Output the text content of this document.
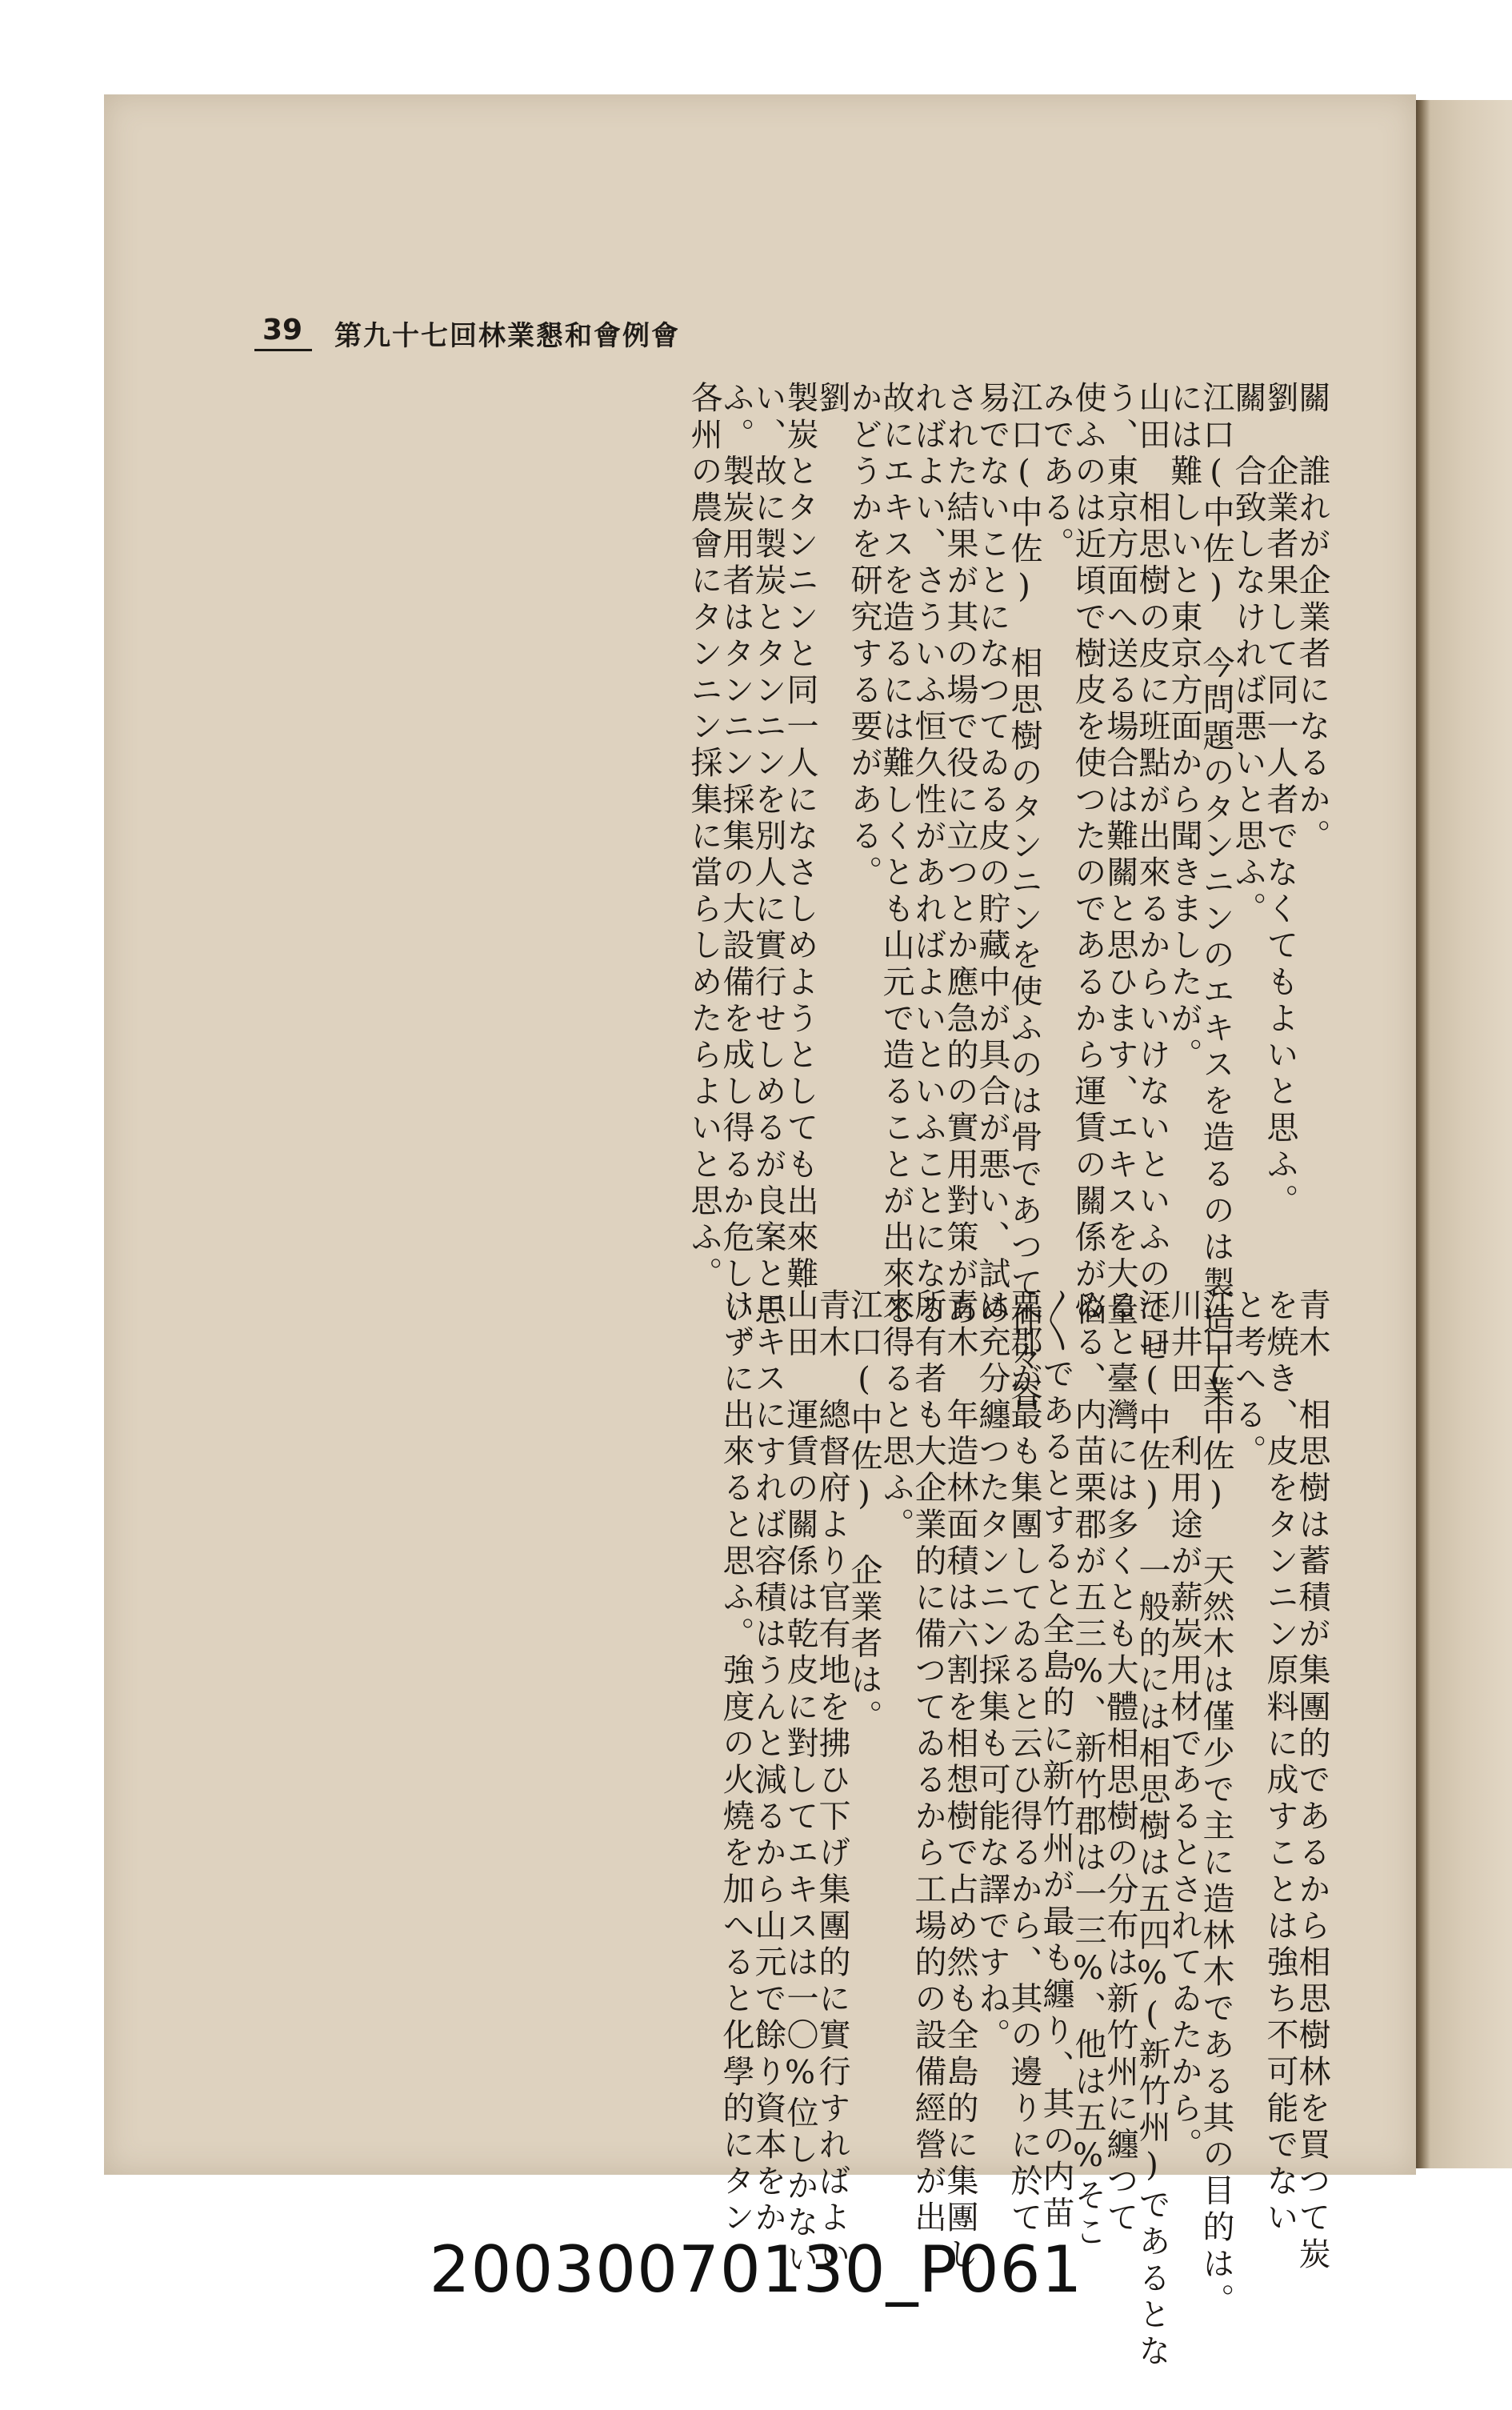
39 第九十七回林業懇和會例會
關　誰れが企業者になるか。
劉　企業者果して同一人者でなくてもよいと思ふ。
關　合致しなければ悪いと思ふ。
江口(中佐)　今問題のタンニンのエキスを造るのは製造工業
には難しいと東京方面から聞きましたが。
山田　相思樹の皮に班點が出來るからいけないといふのでせ
う、東京方面へ送る場合は難關と思ひます、エキスを大量
使ふのは近頃で樹皮を使つたのであるから運賃の關係が悩
みである。
江口(中佐)　相思樹のタンニンを使ふのは骨であつて仲々容
易でないことになつてゐる皮の貯藏中が具合が悪い、試め
された結果が其の場で役に立つとか應急的の實用對策があ
ればよい、さういふ恒久性があればよいといふことになる
故にエキスを造るには難しくとも山元で造ることが出來る
かどうかを研究する要がある。
劉
製炭とタンニンと同一人になさしめようとしても出來難
い、故に製炭とタンニンを別人に實行せしめるが良案と思
ふ。製炭用者はタンニン採集の大設備を成し得るか危しい。
各州の農會にタンニン採集に當らしめたらよいと思ふ。
青木　相思樹は蓄積が集團的であるから相思樹林を買つて炭
を焼き、皮をタンニン原料に成すことは強ち不可能でない
と考へる。
江口(中佐)　天然木は僅少で主に造林木である其の目的は。
川井田　利用途が薪炭用材であるとされてゐたから。
江口(中佐)　一般的には相思樹は五四%(新竹州)であるとな
ると臺灣には多くとも大體相思樹の分布は新竹州に纏つて
ゐる、内苗栗郡が五三%、新竹郡は一三%、他は五%そこ
〳〵であるとすると全島的に新竹州が最も纏り、其の内苗
栗郡が最も集團してゐると云ひ得るから、其の邊りに於て
は充分纏つたタンニン採集も可能な譯ですね。
青木　年造林面積は六割を相想樹で占め然も全島的に集團し
所有者も大企業的に備つてゐるから工場的の設備經營が出
來得ると思ふ。
江口(中佐)　企業者は。
青木　總督府より官有地を拂ひ下げ集團的に實行すればよい
山田　運賃の關係は乾皮に對してエキスは一〇%位しかない
エキスにすれば容積はうんと減るから山元で餘り資本をか
けずに出來ると思ふ。強度の火燒を加へると化學的にタン
20030070130_P061
